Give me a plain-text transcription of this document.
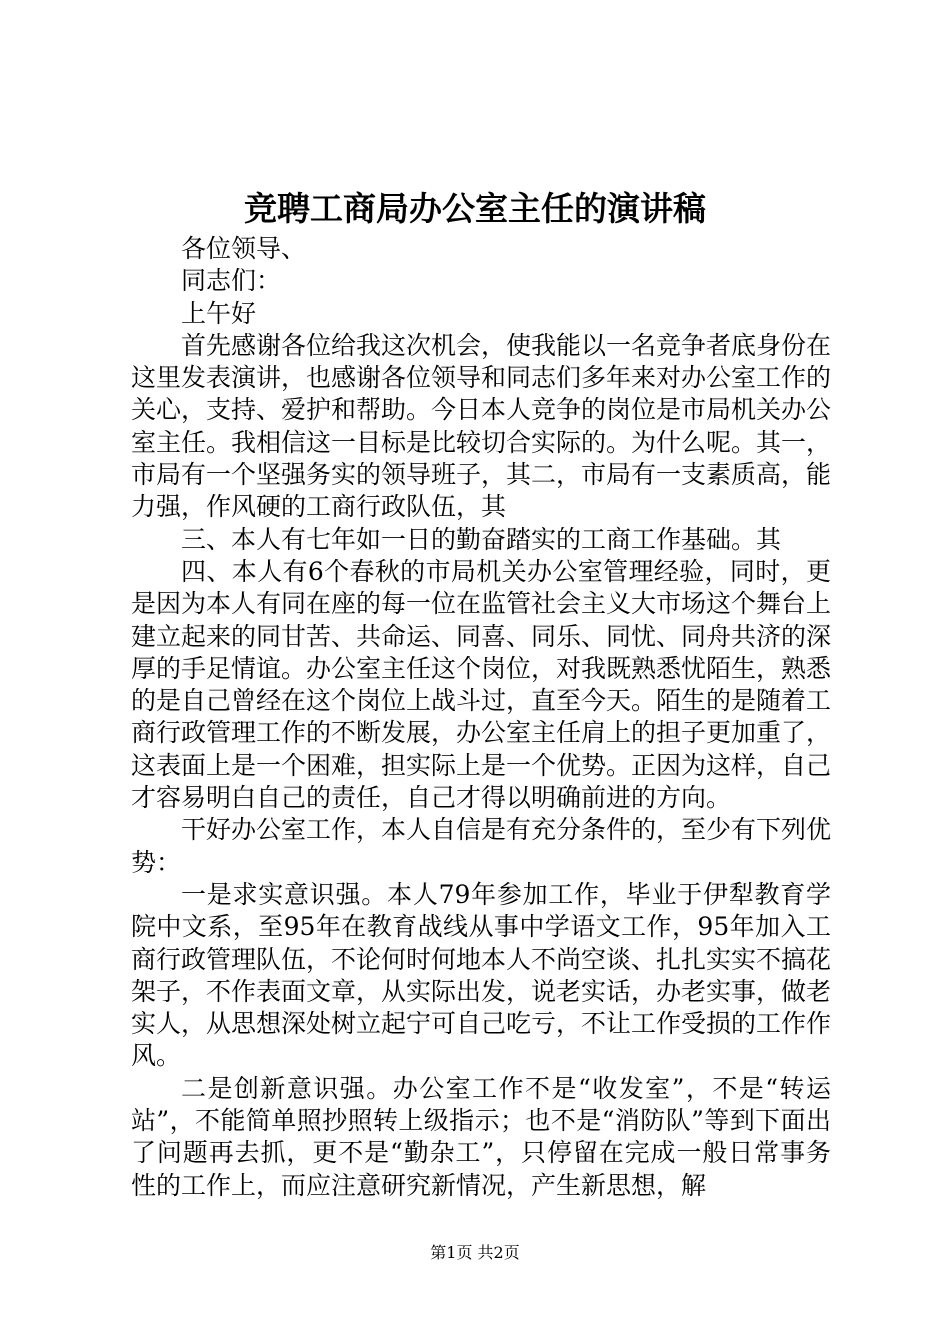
竞聘工商局办公室主任的演讲稿

各位领导、

同志们：

上午好

首先感谢各位给我这次机会，使我能以一名竞争者底身份在这里发表演讲，也感谢各位领导和同志们多年来对办公室工作的关心，支持、爱护和帮助。今日本人竞争的岗位是市局机关办公室主任。我相信这一目标是比较切合实际的。为什么呢。其一，市局有一个坚强务实的领导班子，其二，市局有一支素质高，能力强，作风硬的工商行政队伍，其

三、本人有七年如一日的勤奋踏实的工商工作基础。其

四、本人有6个春秋的市局机关办公室管理经验，同时，更是因为本人有同在座的每一位在监管社会主义大市场这个舞台上建立起来的同甘苦、共命运、同喜、同乐、同忧、同舟共济的深厚的手足情谊。办公室主任这个岗位，对我既熟悉忧陌生，熟悉的是自己曾经在这个岗位上战斗过，直至今天。陌生的是随着工商行政管理工作的不断发展，办公室主任肩上的担子更加重了，这表面上是一个困难，担实际上是一个优势。正因为这样，自己才容易明白自己的责任，自己才得以明确前进的方向。

干好办公室工作，本人自信是有充分条件的，至少有下列优势：

一是求实意识强。本人79年参加工作，毕业于伊犁教育学院中文系，至95年在教育战线从事中学语文工作，95年加入工商行政管理队伍，不论何时何地本人不尚空谈、扎扎实实不搞花架子，不作表面文章，从实际出发，说老实话，办老实事，做老实人，从思想深处树立起宁可自己吃亏，不让工作受损的工作作风。

二是创新意识强。办公室工作不是“收发室”，不是“转运站”，不能简单照抄照转上级指示；也不是“消防队”等到下面出了问题再去抓，更不是“勤杂工”，只停留在完成一般日常事务性的工作上，而应注意研究新情况，产生新思想，解

第1页 共2页
